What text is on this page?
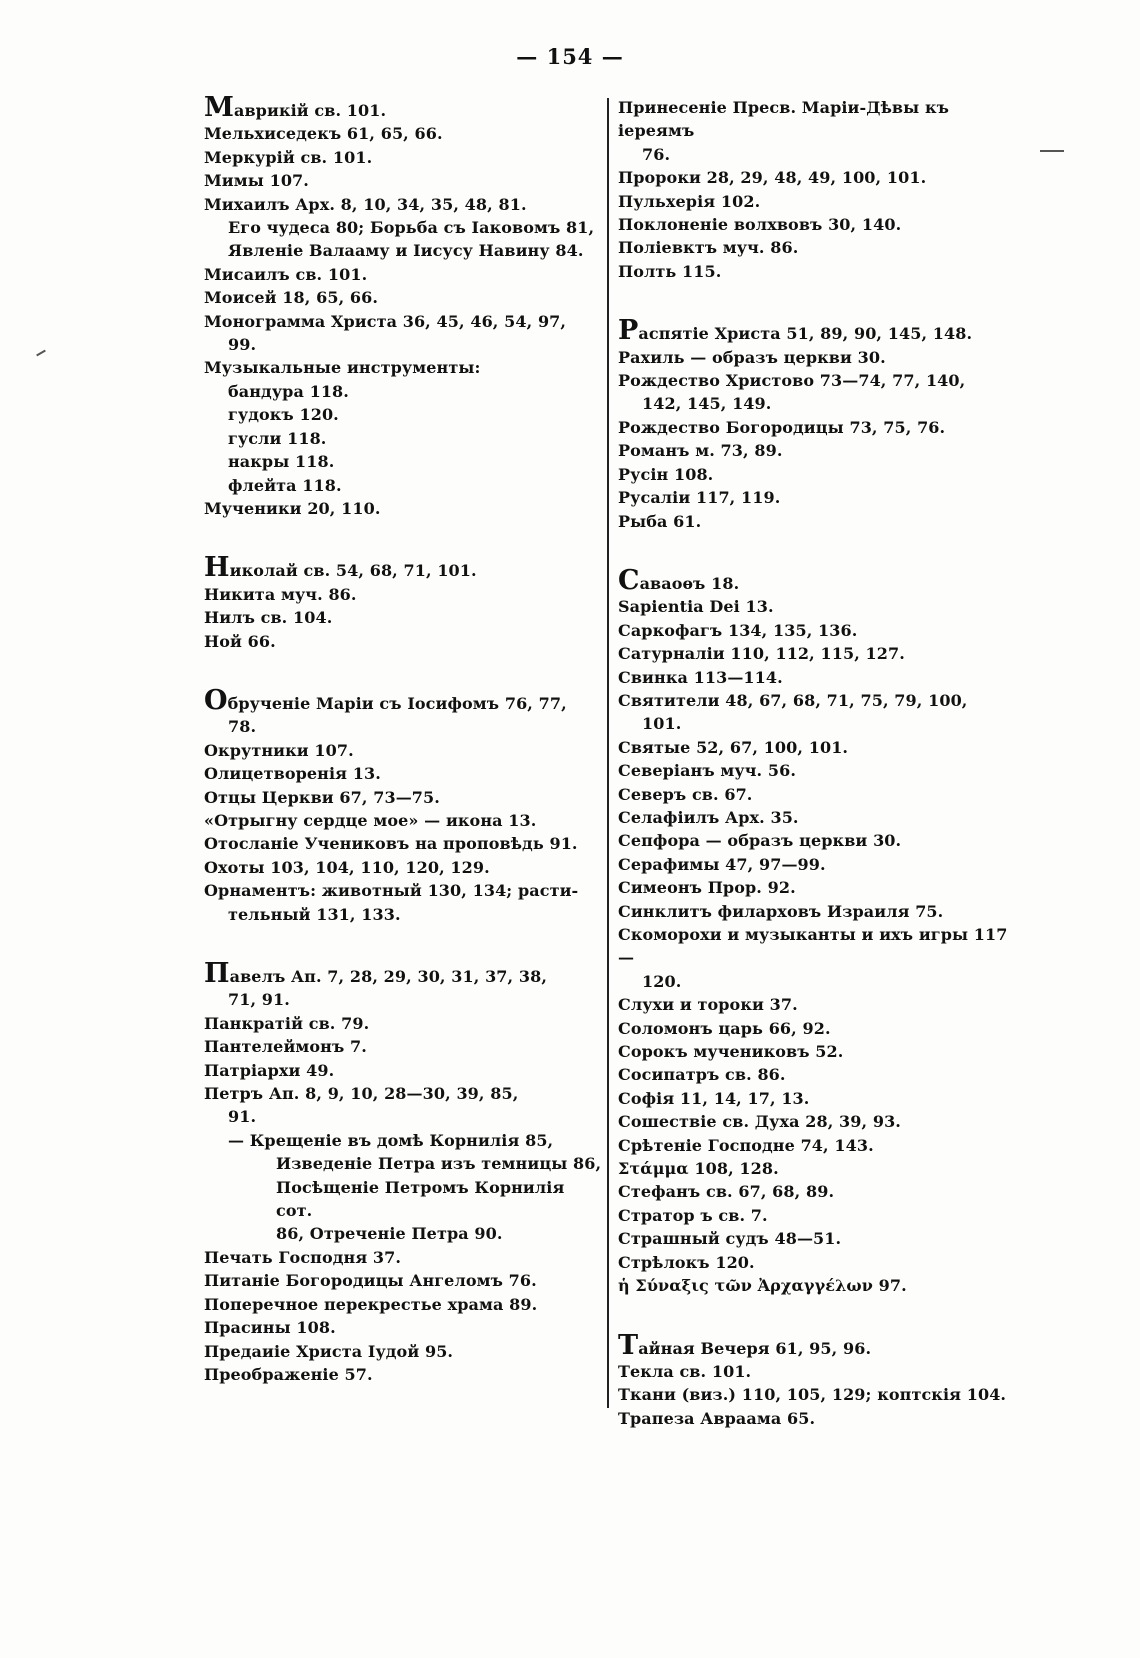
— 154 —
Маврикій св. 101.
Мельхиседекъ 61, 65, 66.
Меркурій св. 101.
Мимы 107.
Михаилъ Арх. 8, 10, 34, 35, 48, 81.
Его чудеса 80; Борьба съ Іаковомъ 81,
Явленіе Валааму и Іисусу Навину 84.
Мисаилъ св. 101.
Моисей 18, 65, 66.
Монограмма Христа 36, 45, 46, 54, 97,
99.
Музыкальные инструменты:
бандура 118.
гудокъ 120.
гусли 118.
накры 118.
флейта 118.
Мученики 20, 110.
Николай св. 54, 68, 71, 101.
Никита муч. 86.
Нилъ св. 104.
Ной 66.
Обрученіе Маріи съ Іосифомъ 76, 77,
78.
Окрутники 107.
Олицетворенія 13.
Отцы Церкви 67, 73—75.
«Отрыгну сердце мое» — икона 13.
Отосланіе Учениковъ на проповѣдь 91.
Охоты 103, 104, 110, 120, 129.
Орнаментъ: животный 130, 134; расти-
тельный 131, 133.
Павелъ Ап. 7, 28, 29, 30, 31, 37, 38,
71, 91.
Панкратій св. 79.
Пантелеймонъ 7.
Патріархи 49.
Петръ Ап. 8, 9, 10, 28—30, 39, 85,
91.
— Крещеніе въ домѣ Корнилія 85,
Изведеніе Петра изъ темницы 86,
Посѣщеніе Петромъ Корнилія сот.
86, Отреченіе Петра 90.
Печать Господня 37.
Питаніе Богородицы Ангеломъ 76.
Поперечное перекрестье храма 89.
Прасины 108.
Предаиіе Христа Іудой 95.
Преображеніе 57.
Принесеніе Пресв. Маріи-Дѣвы къ іереямъ
76.
Пророки 28, 29, 48, 49, 100, 101.
Пульхерія 102.
Поклоненіе волхвовъ 30, 140.
Поліевктъ муч. 86.
Полть 115.
Распятіе Христа 51, 89, 90, 145, 148.
Рахиль — образъ церкви 30.
Рождество Христово 73—74, 77, 140,
142, 145, 149.
Рождество Богородицы 73, 75, 76.
Романъ м. 73, 89.
Русін 108.
Русаліи 117, 119.
Рыба 61.
Саваоѳъ 18.
Sapientia Dei 13.
Саркофагъ 134, 135, 136.
Сатурналіи 110, 112, 115, 127.
Свинка 113—114.
Святители 48, 67, 68, 71, 75, 79, 100,
101.
Святые 52, 67, 100, 101.
Северіанъ муч. 56.
Северъ св. 67.
Селафіилъ Арх. 35.
Сепфора — образъ церкви 30.
Серафимы 47, 97—99.
Симеонъ Прор. 92.
Синклитъ филарховъ Израиля 75.
Скоморохи и музыканты и ихъ игры 117—
120.
Слухи и тороки 37.
Соломонъ царь 66, 92.
Сорокъ мучениковъ 52.
Сосипатръ св. 86.
Софія 11, 14, 17, 13.
Сошествіе св. Духа 28, 39, 93.
Срѣтеніе Господне 74, 143.
Στάμμα 108, 128.
Стефанъ св. 67, 68, 89.
Стратор ъ св. 7.
Страшный судъ 48—51.
Стрѣлокъ 120.
ἡ Σύναξις τῶν Ἀρχαγγέλων 97.
Тайная Вечеря 61, 95, 96.
Текла св. 101.
Ткани (виз.) 110, 105, 129; коптскія 104.
Трапеза Авраама 65.
